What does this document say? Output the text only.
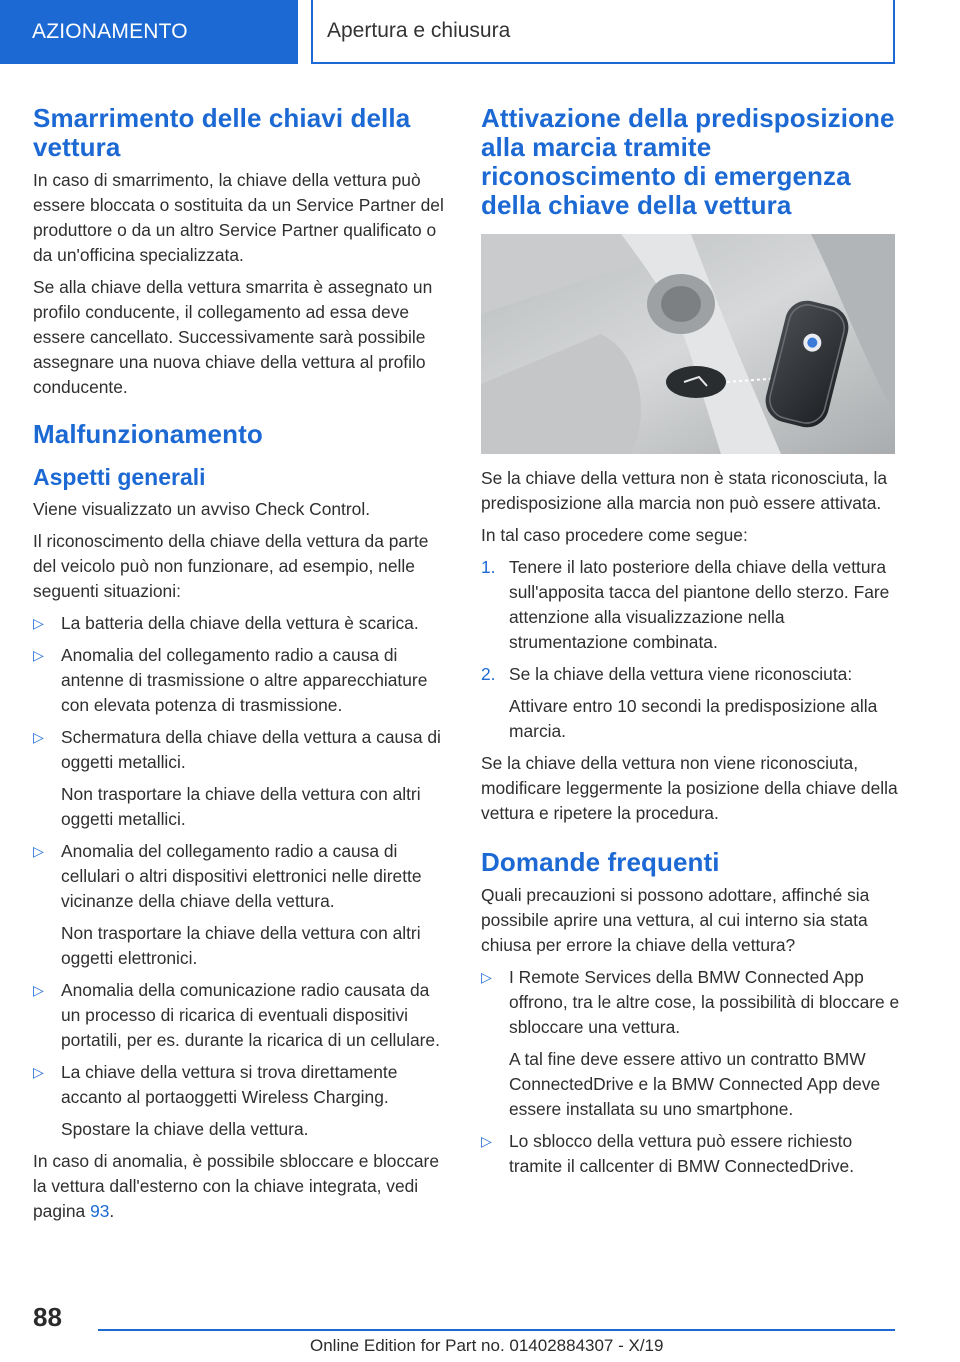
AZIONAMENTO	Apertura e chiusura
Smarrimento delle chiavi della vettura

In caso di smarrimento, la chiave della vettura può essere bloccata o sostituita da un Service Partner del produttore o da un altro Service Partner qualificato o da un'officina specializzata.

Se alla chiave della vettura smarrita è assegnato un profilo conducente, il collegamento ad essa deve essere cancellato. Successivamente sarà possibile assegnare una nuova chiave della vettura al profilo conducente.

Malfunzionamento
Aspetti generali

Viene visualizzato un avviso Check Control.

Il riconoscimento della chiave della vettura da parte del veicolo può non funzionare, ad esempio, nelle seguenti situazioni:

▷ La batteria della chiave della vettura è scarica.

▷ Anomalia del collegamento radio a causa di antenne di trasmissione o altre apparecchiature con elevata potenza di trasmissione.

▷ Schermatura della chiave della vettura a causa di oggetti metallici.

Non trasportare la chiave della vettura con altri oggetti metallici.

▷ Anomalia del collegamento radio a causa di cellulari o altri dispositivi elettronici nelle dirette vicinanze della chiave della vettura.

Non trasportare la chiave della vettura con altri oggetti elettronici.

▷ Anomalia della comunicazione radio causata da un processo di ricarica di eventuali dispositivi portatili, per es. durante la ricarica di un cellulare.

▷ La chiave della vettura si trova direttamente accanto al portaoggetti Wireless Charging.

Spostare la chiave della vettura.

In caso di anomalia, è possibile sbloccare e bloccare la vettura dall'esterno con la chiave integrata, vedi pagina 93.

Attivazione della predisposizione alla marcia tramite riconoscimento di emergenza della chiave della vettura

Se la chiave della vettura non è stata riconosciuta, la predisposizione alla marcia non può essere attivata.

In tal caso procedere come segue:

1. Tenere il lato posteriore della chiave della vettura sull'apposita tacca del piantone dello sterzo. Fare attenzione alla visualizzazione nella strumentazione combinata.

2. Se la chiave della vettura viene riconosciuta:

Attivare entro 10 secondi la predisposizione alla marcia.

Se la chiave della vettura non viene riconosciuta, modificare leggermente la posizione della chiave della vettura e ripetere la procedura.

Domande frequenti

Quali precauzioni si possono adottare, affinché sia possibile aprire una vettura, al cui interno sia stata chiusa per errore la chiave della vettura?

▷ I Remote Services della BMW Connected App offrono, tra le altre cose, la possibilità di bloccare e sbloccare una vettura.

A tal fine deve essere attivo un contratto BMW ConnectedDrive e la BMW Connected App deve essere installata su uno smartphone.

▷ Lo sblocco della vettura può essere richiesto tramite il callcenter di BMW ConnectedDrive.

88
Online Edition for Part no. 01402884307 - X/19
